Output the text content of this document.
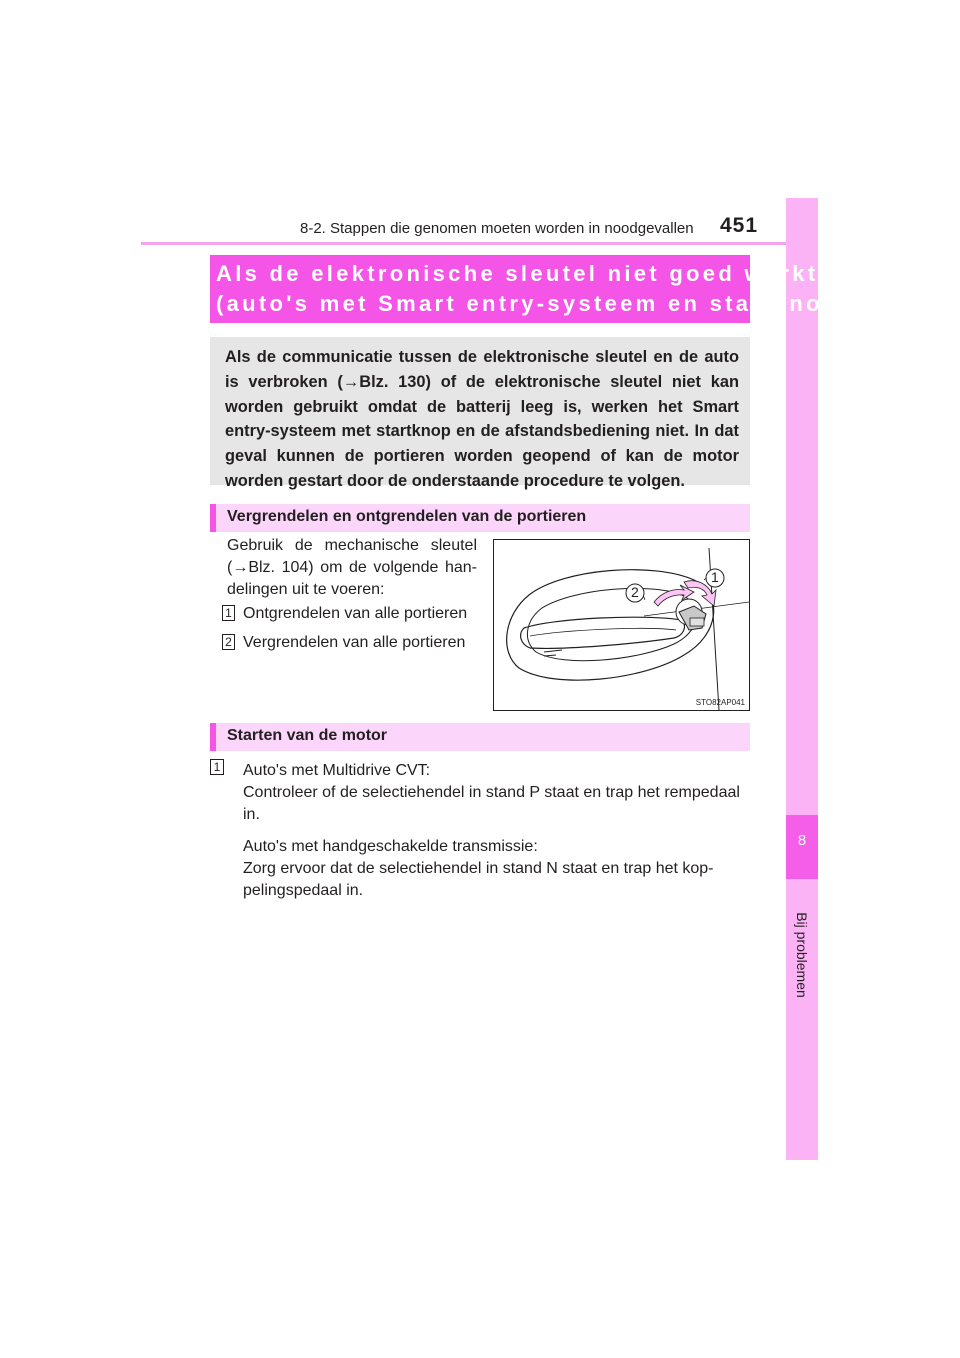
8-2. Stappen die genomen moeten worden in noodgevallen 451
8
Bij problemen
Als de elektronische sleutel niet goed werkt
(auto's met Smart entry-systeem en startknop)
Als de communicatie tussen de elektronische sleutel en de auto is verbroken (→Blz. 130) of de elektronische sleutel niet kan worden gebruikt omdat de batterij leeg is, werken het Smart entry-systeem met startknop en de afstandsbediening niet. In dat geval kunnen de portieren worden geopend of kan de motor worden gestart door de onderstaande procedure te volgen.
Vergrendelen en ontgrendelen van de portieren
Gebruik de mechanische sleutel (→Blz. 104) om de volgende handelingen uit te voeren:
1 Ontgrendelen van alle portieren
2 Vergrendelen van alle portieren
2
1
STO82AP041
Starten van de motor
1 Auto's met Multidrive CVT:

Controleer of de selectiehendel in stand P staat en trap het rempedaal in.

Auto's met handgeschakelde transmissie:

Zorg ervoor dat de selectiehendel in stand N staat en trap het koppelingspedaal in.
